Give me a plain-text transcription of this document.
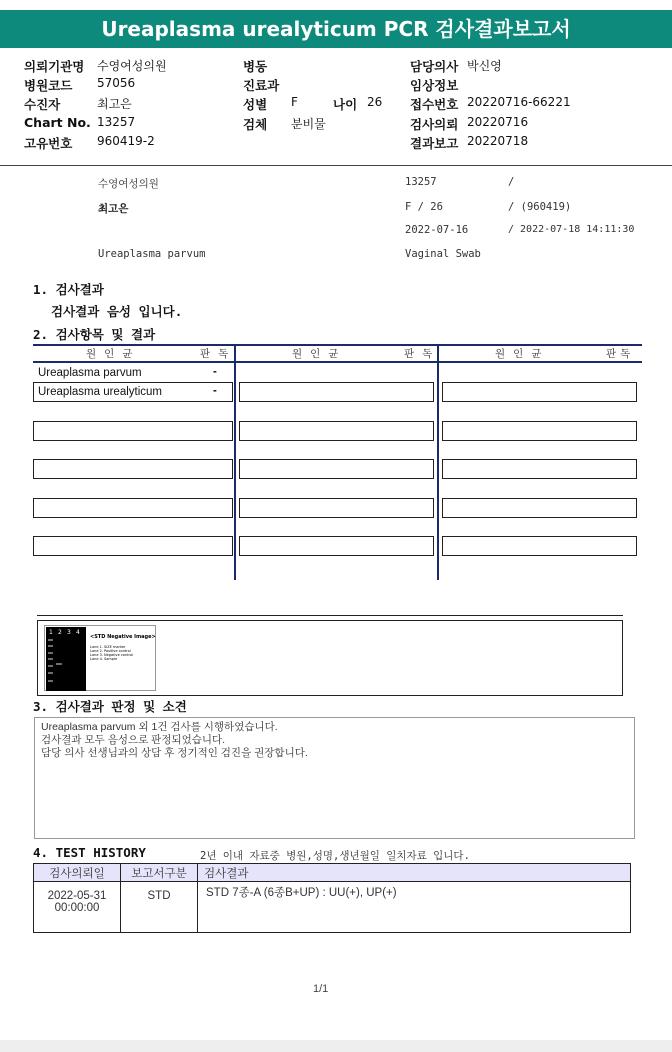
Ureaplasma urealyticum PCR 검사결과보고서
의뢰기관명 수영여성의원	병동	담당의사 박신영
병원코드 57056	진료과	임상정보
수진자	최고은	성별 F	나이 26 접수번호 20220716-66221
Chart No. 13257	검체 분비물	검사의뢰 20220716
고유번호 960419-2	결과보고 20220718
수영여성의원	13257	/
최고은	F / 26	/ (960419)
2022-07-16	/ 2022-07-18 14:11:30
Ureaplasma parvum	Vaginal Swab
1. 검사결과
검사결과 음성 입니다.
2. 검사항목 및 결과
원인균	판독	원인균	판독	원인균	판독
Ureaplasma parvum	-
Ureaplasma urealyticum	-
1 2 3 4
<STD Negative Image>
Lane 1. SIZE marker
Lane 2. Positive control
Lane 3. Negative control
Lane 4. Sample
3. 검사결과 판정 및 소견
Ureaplasma parvum 외 1건 검사를 시행하였습니다.
검사결과 모두 음성으로 판정되었습니다.
담당 의사 선생님과의 상담 후 정기적인 검진을 권장합니다.
4. TEST HISTORY	2년 이내 자료중 병원,성명,생년월일 일치자료 입니다.
검사의뢰일	보고서구분	검사결과

2022-05-31
00:00:00	STD	STD 7종-A (6종B+UP) : UU(+), UP(+)
1/1
